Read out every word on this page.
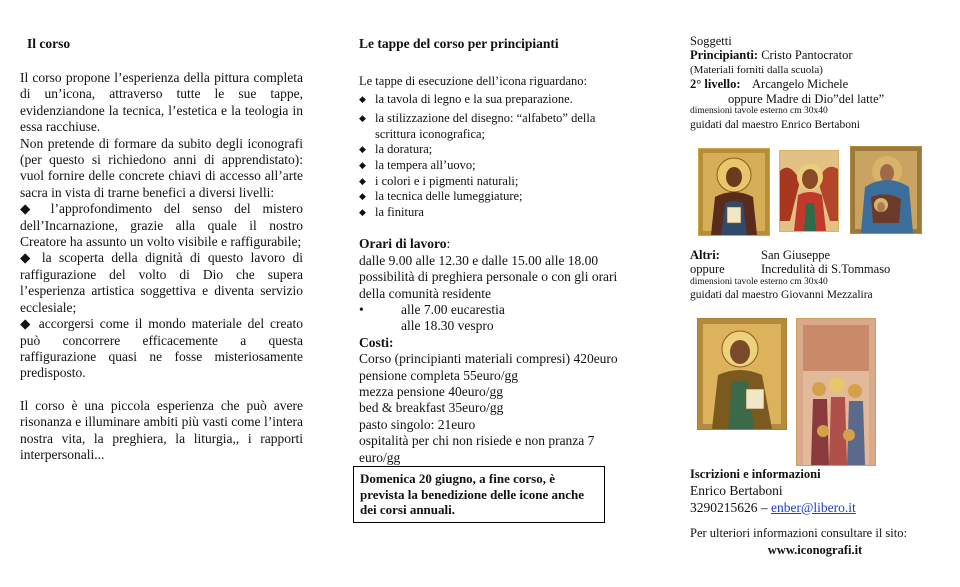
Il corso

Il corso propone l’esperienza della pittura completa di un’icona, attraverso tutte le sue tappe, evidenziandone la tecnica, l’estetica e la teologia in essa racchiuse.

Non pretende di formare da subito degli iconografi (per questo si richiedono anni di apprendistato): vuol fornire delle concrete chiavi di accesso all’arte sacra in vista di trarne benefici a diversi livelli:

◆ l’approfondimento del senso del mistero dell’Incarnazione, grazie alla quale il nostro Creatore ha assunto un volto visibile e raffigurabile;

◆ la scoperta della dignità di questo lavoro di raffigurazione del volto di Dio che supera l’esperienza artistica soggettiva e diventa servizio ecclesiale;

◆ accorgersi come il mondo materiale del creato può concorrere efficacemente a questa raffigurazione quasi ne fosse misteriosamente predisposto.

Il corso è una piccola esperienza che può avere risonanza e illuminare ambiti più vasti come l’intera nostra vita, la preghiera, la liturgia,, i rapporti interpersonali...

Le tappe del corso per principianti

Le tappe di esecuzione dell’icona riguardano:

◆ la tavola di legno e la sua preparazione.
◆ la stilizzazione del disegno: “alfabeto” della scrittura iconografica;
◆ la doratura;
◆ la tempera all’uovo;
◆ i colori e i pigmenti naturali;
◆ la tecnica delle lumeggiature;
◆ la finitura

Orari di lavoro:

dalle 9.00 alle 12.30 e dalle 15.00 alle 18.00

possibilità di preghiera personale o con gli orari della comunità residente

•	alle 7.00 eucarestia

alle 18.30 vespro

Costi:

Corso (principianti materiali compresi) 420euro

pensione completa 55euro/gg

mezza pensione 40euro/gg

bed & breakfast 35euro/gg

pasto singolo: 21euro

ospitalità per chi non risiede e non pranza 7 euro/gg

Domenica 20 giugno, a fine corso, è prevista la benedizione delle icone anche dei corsi annuali.

Soggetti

Principianti: Cristo Pantocrator

(Materiali forniti dalla scuola)

2° livello: Arcangelo Michele

oppure Madre di Dio”del latte”

dimensioni tavole esterno cm 30x40

guidati dal maestro Enrico Bertaboni

Altri:	San Giuseppe

oppure	Incredulità di S.Tommaso

dimensioni tavole esterno cm 30x40

guidati dal maestro Giovanni Mezzalira

Iscrizioni e informazioni

Enrico Bertaboni

3290215626 – enber@libero.it

Per ulteriori informazioni consultare il sito:

www.iconografi.it
